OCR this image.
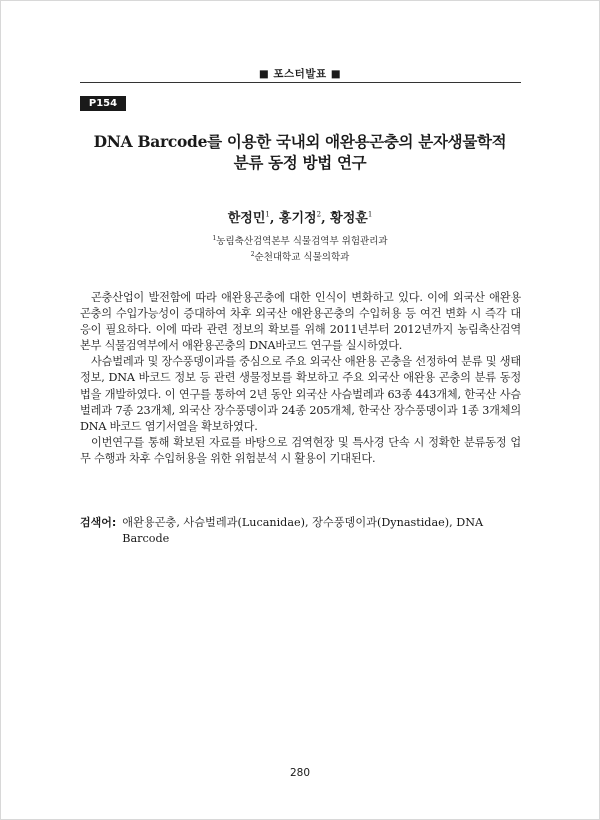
■ 포스터발표 ■
P154
DNA Barcode를 이용한 국내외 애완용곤충의 분자생물학적
분류 동정 방법 연구
한정민$^1$, 홍기정$^2$, 황정훈$^1$
$^1$농림축산검역본부 식물검역부 위험관리과
$^2$순천대학교 식물의학과

곤충산업이 발전함에 따라 애완용곤충에 대한 인식이 변화하고 있다. 이에 외국산 애완용 곤충의 수입가능성이 증대하여 차후 외국산 애완용곤충의 수입허용 등 여건 변화 시 즉각 대응이 필요하다. 이에 따라 관련 정보의 확보를 위해 2011년부터 2012년까지 농림축산검역본부 식물검역부에서 애완용곤충의 DNA바코드 연구를 실시하였다.

사슴벌레과 및 장수풍뎅이과를 중심으로 주요 외국산 애완용 곤충을 선정하여 분류 및 생태 정보, DNA 바코드 정보 등 관련 생물정보를 확보하고 주요 외국산 애완용 곤충의 분류 동정법을 개발하였다. 이 연구를 통하여 2년 동안 외국산 사슴벌레과 63종 443개체, 한국산 사슴벌레과 7종 23개체, 외국산 장수풍뎅이과 24종 205개체, 한국산 장수풍뎅이과 1종 3개체의 DNA 바코드 염기서열을 확보하였다.

이번연구를 통해 확보된 자료를 바탕으로 검역현장 및 특사경 단속 시 정확한 분류동정 업무 수행과 차후 수입허용을 위한 위험분석 시 활용이 기대된다.

검색어: 애완용곤충, 사슴벌레과(Lucanidae), 장수풍뎅이과(Dynastidae), DNA Barcode
280
